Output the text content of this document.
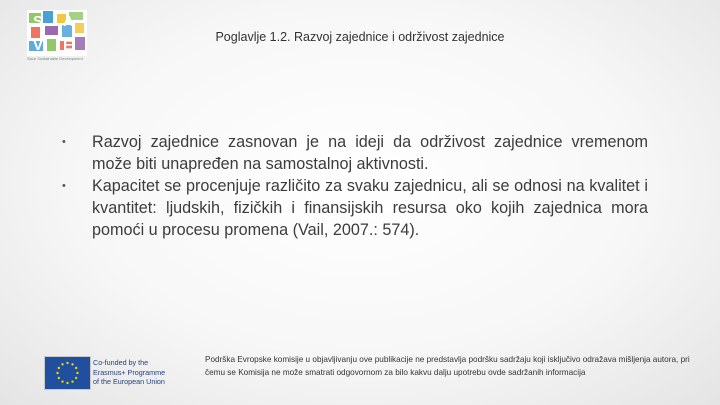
S A
V E
Save Sustainable Development
Poglavlje 1.2. Razvoj zajednice i održivost zajednice
• Razvoj zajednice zasnovan je na ideji da održivost zajednice vremenom može biti unapređen na samostalnoj aktivnosti.
• Kapacitet se procenjuje različito za svaku zajednicu, ali se odnosi na kvalitet i kvantitet: ljudskih, fizičkih i finansijskih resursa oko kojih zajednica mora pomoći u procesu promena (Vail, 2007.: 574).
Co-funded by the
Erasmus+ Programme
of the European Union
Podrška Evropske komisije u objavljivanju ove publikacije ne predstavlja podršku sadržaju koji isključivo odražava mišljenja autora, pri čemu se Komisija ne može smatrati odgovornom za bilo kakvu dalju upotrebu ovde sadržanih informacija
